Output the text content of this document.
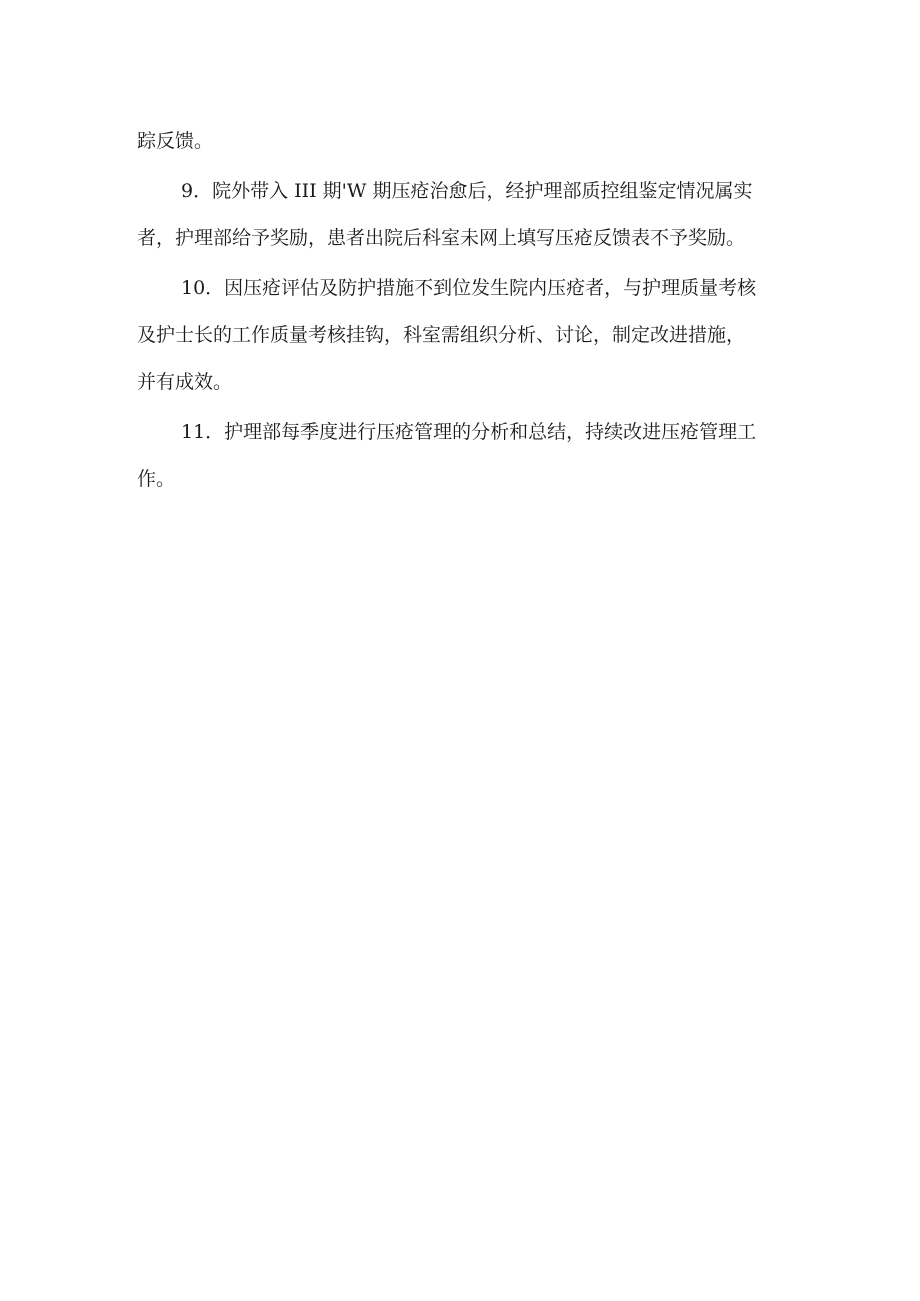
踪反馈。
9．院外带入 III 期'W 期压疮治愈后，经护理部质控组鉴定情况属实
者，护理部给予奖励，患者出院后科室未网上填写压疮反馈表不予奖励。
10．因压疮评估及防护措施不到位发生院内压疮者，与护理质量考核
及护士长的工作质量考核挂钩，科室需组织分析、讨论，制定改进措施，
并有成效。
11．护理部每季度进行压疮管理的分析和总结，持续改进压疮管理工
作。
